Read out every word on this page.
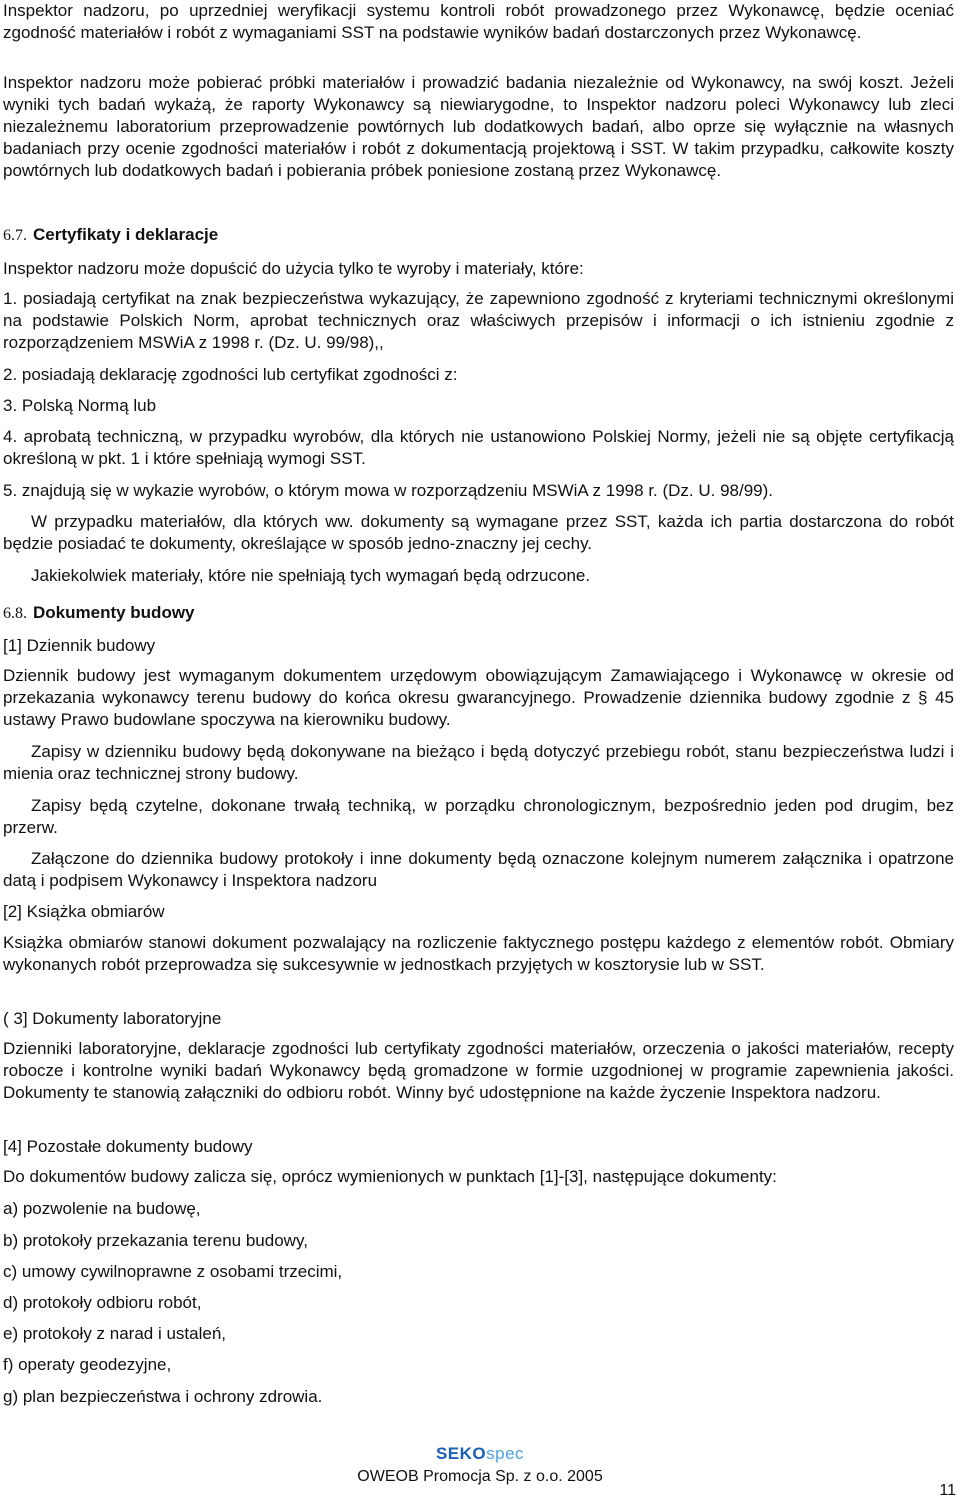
Inspektor nadzoru, po uprzedniej weryfikacji systemu kontroli robót prowadzonego przez Wykonawcę, będzie oceniać zgodność materiałów i robót z wymaganiami SST na podstawie wyników badań dostarczonych przez Wykonawcę.

Inspektor nadzoru może pobierać próbki materiałów i prowadzić badania niezależnie od Wykonawcy, na swój koszt. Jeżeli wyniki tych badań wykażą, że raporty Wykonawcy są niewiarygodne, to Inspektor nadzoru poleci Wykonawcy lub zleci niezależnemu laboratorium przeprowadzenie powtórnych lub dodatkowych badań, albo oprze się wyłącznie na własnych badaniach przy ocenie zgodności materiałów i robót z dokumentacją projektową i SST. W takim przypadku, całkowite koszty powtórnych lub dodatkowych badań i pobierania próbek poniesione zostaną przez Wykonawcę.

6.7. Certyfikaty i deklaracje

Inspektor nadzoru może dopuścić do użycia tylko te wyroby i materiały, które:

1. posiadają certyfikat na znak bezpieczeństwa wykazujący, że zapewniono zgodność z kryteriami technicznymi określonymi na podstawie Polskich Norm, aprobat technicznych oraz właściwych przepisów i informacji o ich istnieniu zgodnie z rozporządzeniem MSWiA z 1998 r. (Dz. U. 99/98),,

2. posiadają deklarację zgodności lub certyfikat zgodności z:

3. Polską Normą lub

4. aprobatą techniczną, w przypadku wyrobów, dla których nie ustanowiono Polskiej Normy, jeżeli nie są objęte certyfikacją określoną w pkt. 1 i które spełniają wymogi SST.

5. znajdują się w wykazie wyrobów, o którym mowa w rozporządzeniu MSWiA z 1998 r. (Dz. U. 98/99).

W przypadku materiałów, dla których ww. dokumenty są wymagane przez SST, każda ich partia dostarczona do robót będzie posiadać te dokumenty, określające w sposób jedno-znaczny jej cechy.

Jakiekolwiek materiały, które nie spełniają tych wymagań będą odrzucone.

6.8. Dokumenty budowy

[1] Dziennik budowy

Dziennik budowy jest wymaganym dokumentem urzędowym obowiązującym Zamawiającego i Wykonawcę w okresie od przekazania wykonawcy terenu budowy do końca okresu gwarancyjnego. Prowadzenie dziennika budowy zgodnie z § 45 ustawy Prawo budowlane spoczywa na kierowniku budowy.

Zapisy w dzienniku budowy będą dokonywane na bieżąco i będą dotyczyć przebiegu robót, stanu bezpieczeństwa ludzi i mienia oraz technicznej strony budowy.

Zapisy będą czytelne, dokonane trwałą techniką, w porządku chronologicznym, bezpośrednio jeden pod drugim, bez przerw.

Załączone do dziennika budowy protokoły i inne dokumenty będą oznaczone kolejnym numerem załącznika i opatrzone datą i podpisem Wykonawcy i Inspektora nadzoru

[2] Książka obmiarów

Książka obmiarów stanowi dokument pozwalający na rozliczenie faktycznego postępu każdego z elementów robót. Obmiary wykonanych robót przeprowadza się sukcesywnie w jednostkach przyjętych w kosztorysie lub w SST.

( 3] Dokumenty laboratoryjne

Dzienniki laboratoryjne, deklaracje zgodności lub certyfikaty zgodności materiałów, orzeczenia o jakości materiałów, recepty robocze i kontrolne wyniki badań Wykonawcy będą gromadzone w formie uzgodnionej w programie zapewnienia jakości. Dokumenty te stanowią załączniki do odbioru robót. Winny być udostępnione na każde życzenie Inspektora nadzoru.

[4] Pozostałe dokumenty budowy

Do dokumentów budowy zalicza się, oprócz wymienionych w punktach [1]-[3], następujące dokumenty:

a) pozwolenie na budowę,

b) protokoły przekazania terenu budowy,

c) umowy cywilnoprawne z osobami trzecimi,

d) protokoły odbioru robót,

e) protokoły z narad i ustaleń,

f) operaty geodezyjne,

g) plan bezpieczeństwa i ochrony zdrowia.

SEKOspec
OWEOB Promocja Sp. z o.o. 2005
11
